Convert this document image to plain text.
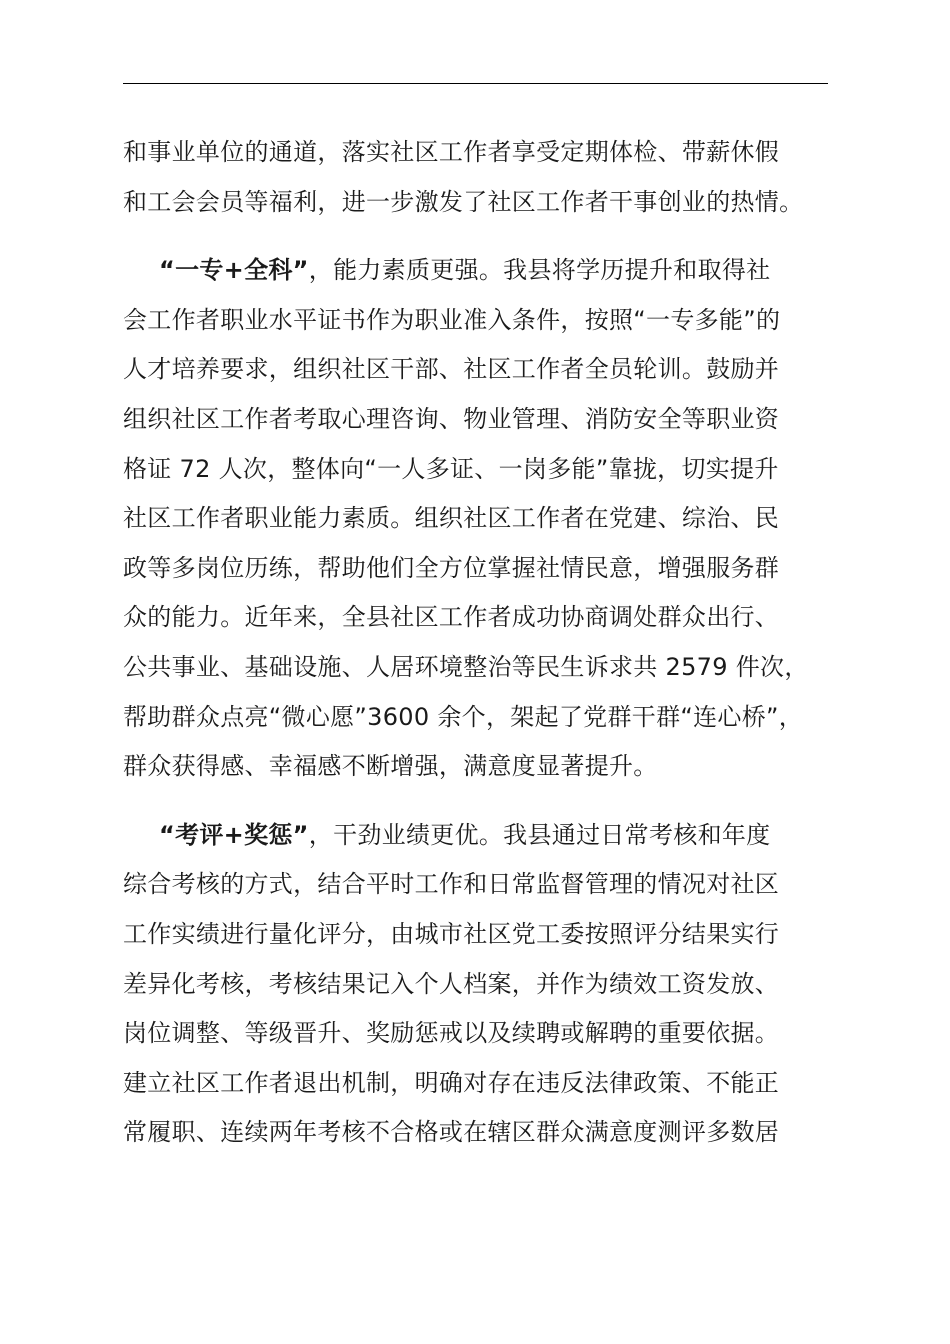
和事业单位的通道，落实社区工作者享受定期体检、带薪休假
和工会会员等福利，进一步激发了社区工作者干事创业的热情。

“一专+全科”，能力素质更强。我县将学历提升和取得社
会工作者职业水平证书作为职业准入条件，按照“一专多能”的
人才培养要求，组织社区干部、社区工作者全员轮训。鼓励并
组织社区工作者考取心理咨询、物业管理、消防安全等职业资
格证 72 人次，整体向“一人多证、一岗多能”靠拢，切实提升
社区工作者职业能力素质。组织社区工作者在党建、综治、民
政等多岗位历练，帮助他们全方位掌握社情民意，增强服务群
众的能力。近年来，全县社区工作者成功协商调处群众出行、
公共事业、基础设施、人居环境整治等民生诉求共 2579 件次，
帮助群众点亮“微心愿”3600 余个，架起了党群干群“连心桥”，
群众获得感、幸福感不断增强，满意度显著提升。

“考评+奖惩”，干劲业绩更优。我县通过日常考核和年度
综合考核的方式，结合平时工作和日常监督管理的情况对社区
工作实绩进行量化评分，由城市社区党工委按照评分结果实行
差异化考核，考核结果记入个人档案，并作为绩效工资发放、
岗位调整、等级晋升、奖励惩戒以及续聘或解聘的重要依据。
建立社区工作者退出机制，明确对存在违反法律政策、不能正
常履职、连续两年考核不合格或在辖区群众满意度测评多数居
